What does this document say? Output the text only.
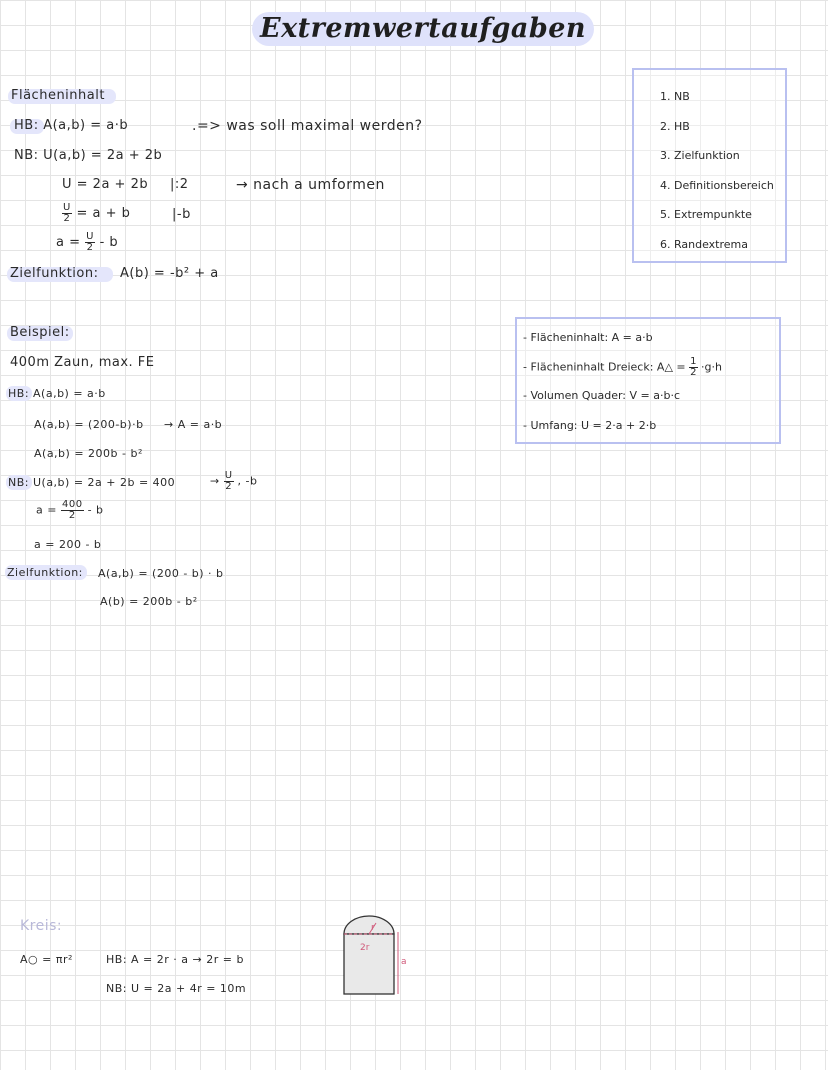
Extremwertaufgaben
Flächeninhalt
HB: A(a,b) = a·b	.=> was soll maximal werden?
NB: U(a,b) = 2a + 2b
U = 2a + 2b |:2	→ nach a umformen
$\frac{U}{2} = a + b$	|-b
$a = \frac{U}{2} - b$
Zielfunktion: A(b) = -b² + a
1. NB
2. HB
3. Zielfunktion
4. Definitionsbereich
5. Extrempunkte
6. Randextrema
- Flächeninhalt: A = a·b
- Flächeninhalt Dreieck: A△ = $\frac{1}{2} \cdot g\cdot h$
- Volumen Quader: V = a·b·c
- Umfang: U = 2·a + 2·b
Beispiel:
400m Zaun, max. FE
HB: A(a,b) = a·b
A(a,b) = (200-b)·b → A = a·b
A(a,b) = 200b - b²
NB: U(a,b) = 2a + 2b = 400	→ $\frac{U}{2}$ , -b
$a = \frac{400}{2} - b$
a = 200 - b
Zielfunktion: A(a,b) = (200 - b) · b
A(b) = 200b - b²
Kreis:
A○ = πr²	HB: A = 2r · a → 2r = b
NB: U = 2a + 4r = 10m
r
2r
a
